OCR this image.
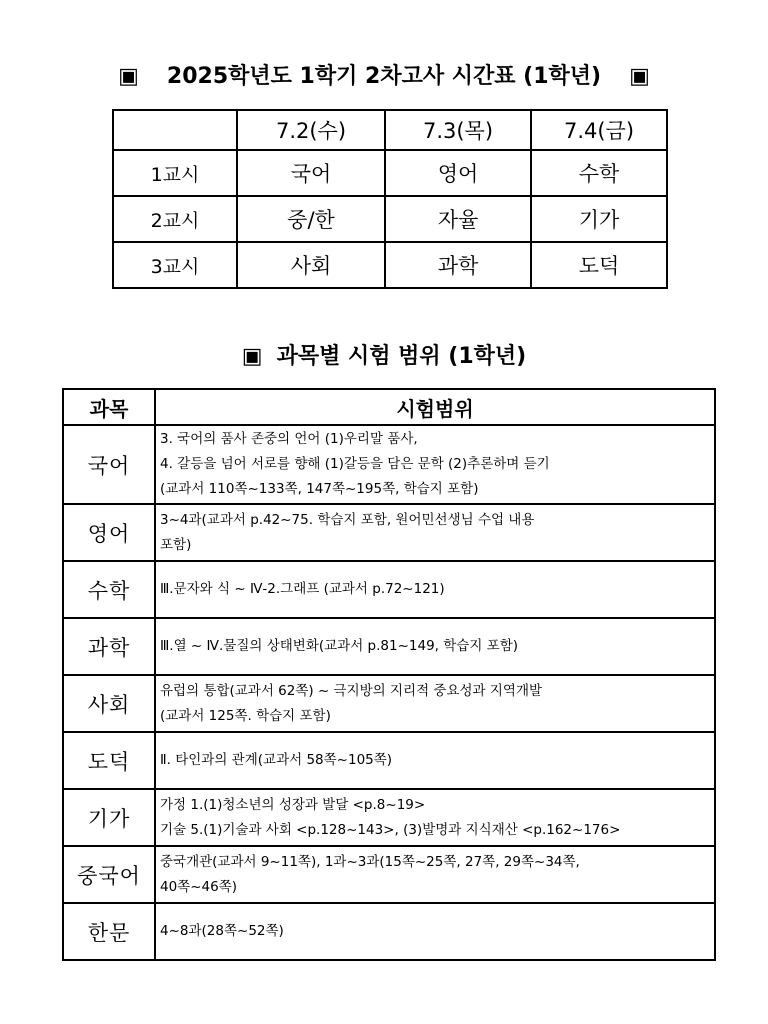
▣ 2025학년도 1학기 2차고사 시간표 (1학년) ▣
	7.2(수)	7.3(목)	7.4(금)
1교시	국어	영어	수학
2교시	중/한	자율	기가
3교시	사회	과학	도덕
▣ 과목별 시험 범위 (1학년)
과목	시험범위
국어	3. 국어의 품사 존중의 언어 (1)우리말 품사,
4. 갈등을 넘어 서로를 향해 (1)갈등을 담은 문학 (2)추론하며 듣기
(교과서 110쪽~133쪽, 147쪽~195쪽, 학습지 포함)

영어	3~4과(교과서 p.42~75. 학습지 포함, 원어민선생님 수업 내용
포함)

수학	Ⅲ.문자와 식 ~ Ⅳ-2.그래프 (교과서 p.72~121)

과학	Ⅲ.열 ~ Ⅳ.물질의 상태변화(교과서 p.81~149, 학습지 포함)

사회	유럽의 통합(교과서 62쪽) ~ 극지방의 지리적 중요성과 지역개발
(교과서 125쪽. 학습지 포함)

도덕	Ⅱ. 타인과의 관계(교과서 58쪽~105쪽)

기가	가정 1.(1)청소년의 성장과 발달 <p.8~19>
기술 5.(1)기술과 사회 <p.128~143>, (3)발명과 지식재산 <p.162~176>

중국어	중국개관(교과서 9~11쪽), 1과~3과(15쪽~25쪽, 27쪽, 29쪽~34쪽,
40쪽~46쪽)

한문	4~8과(28쪽~52쪽)
